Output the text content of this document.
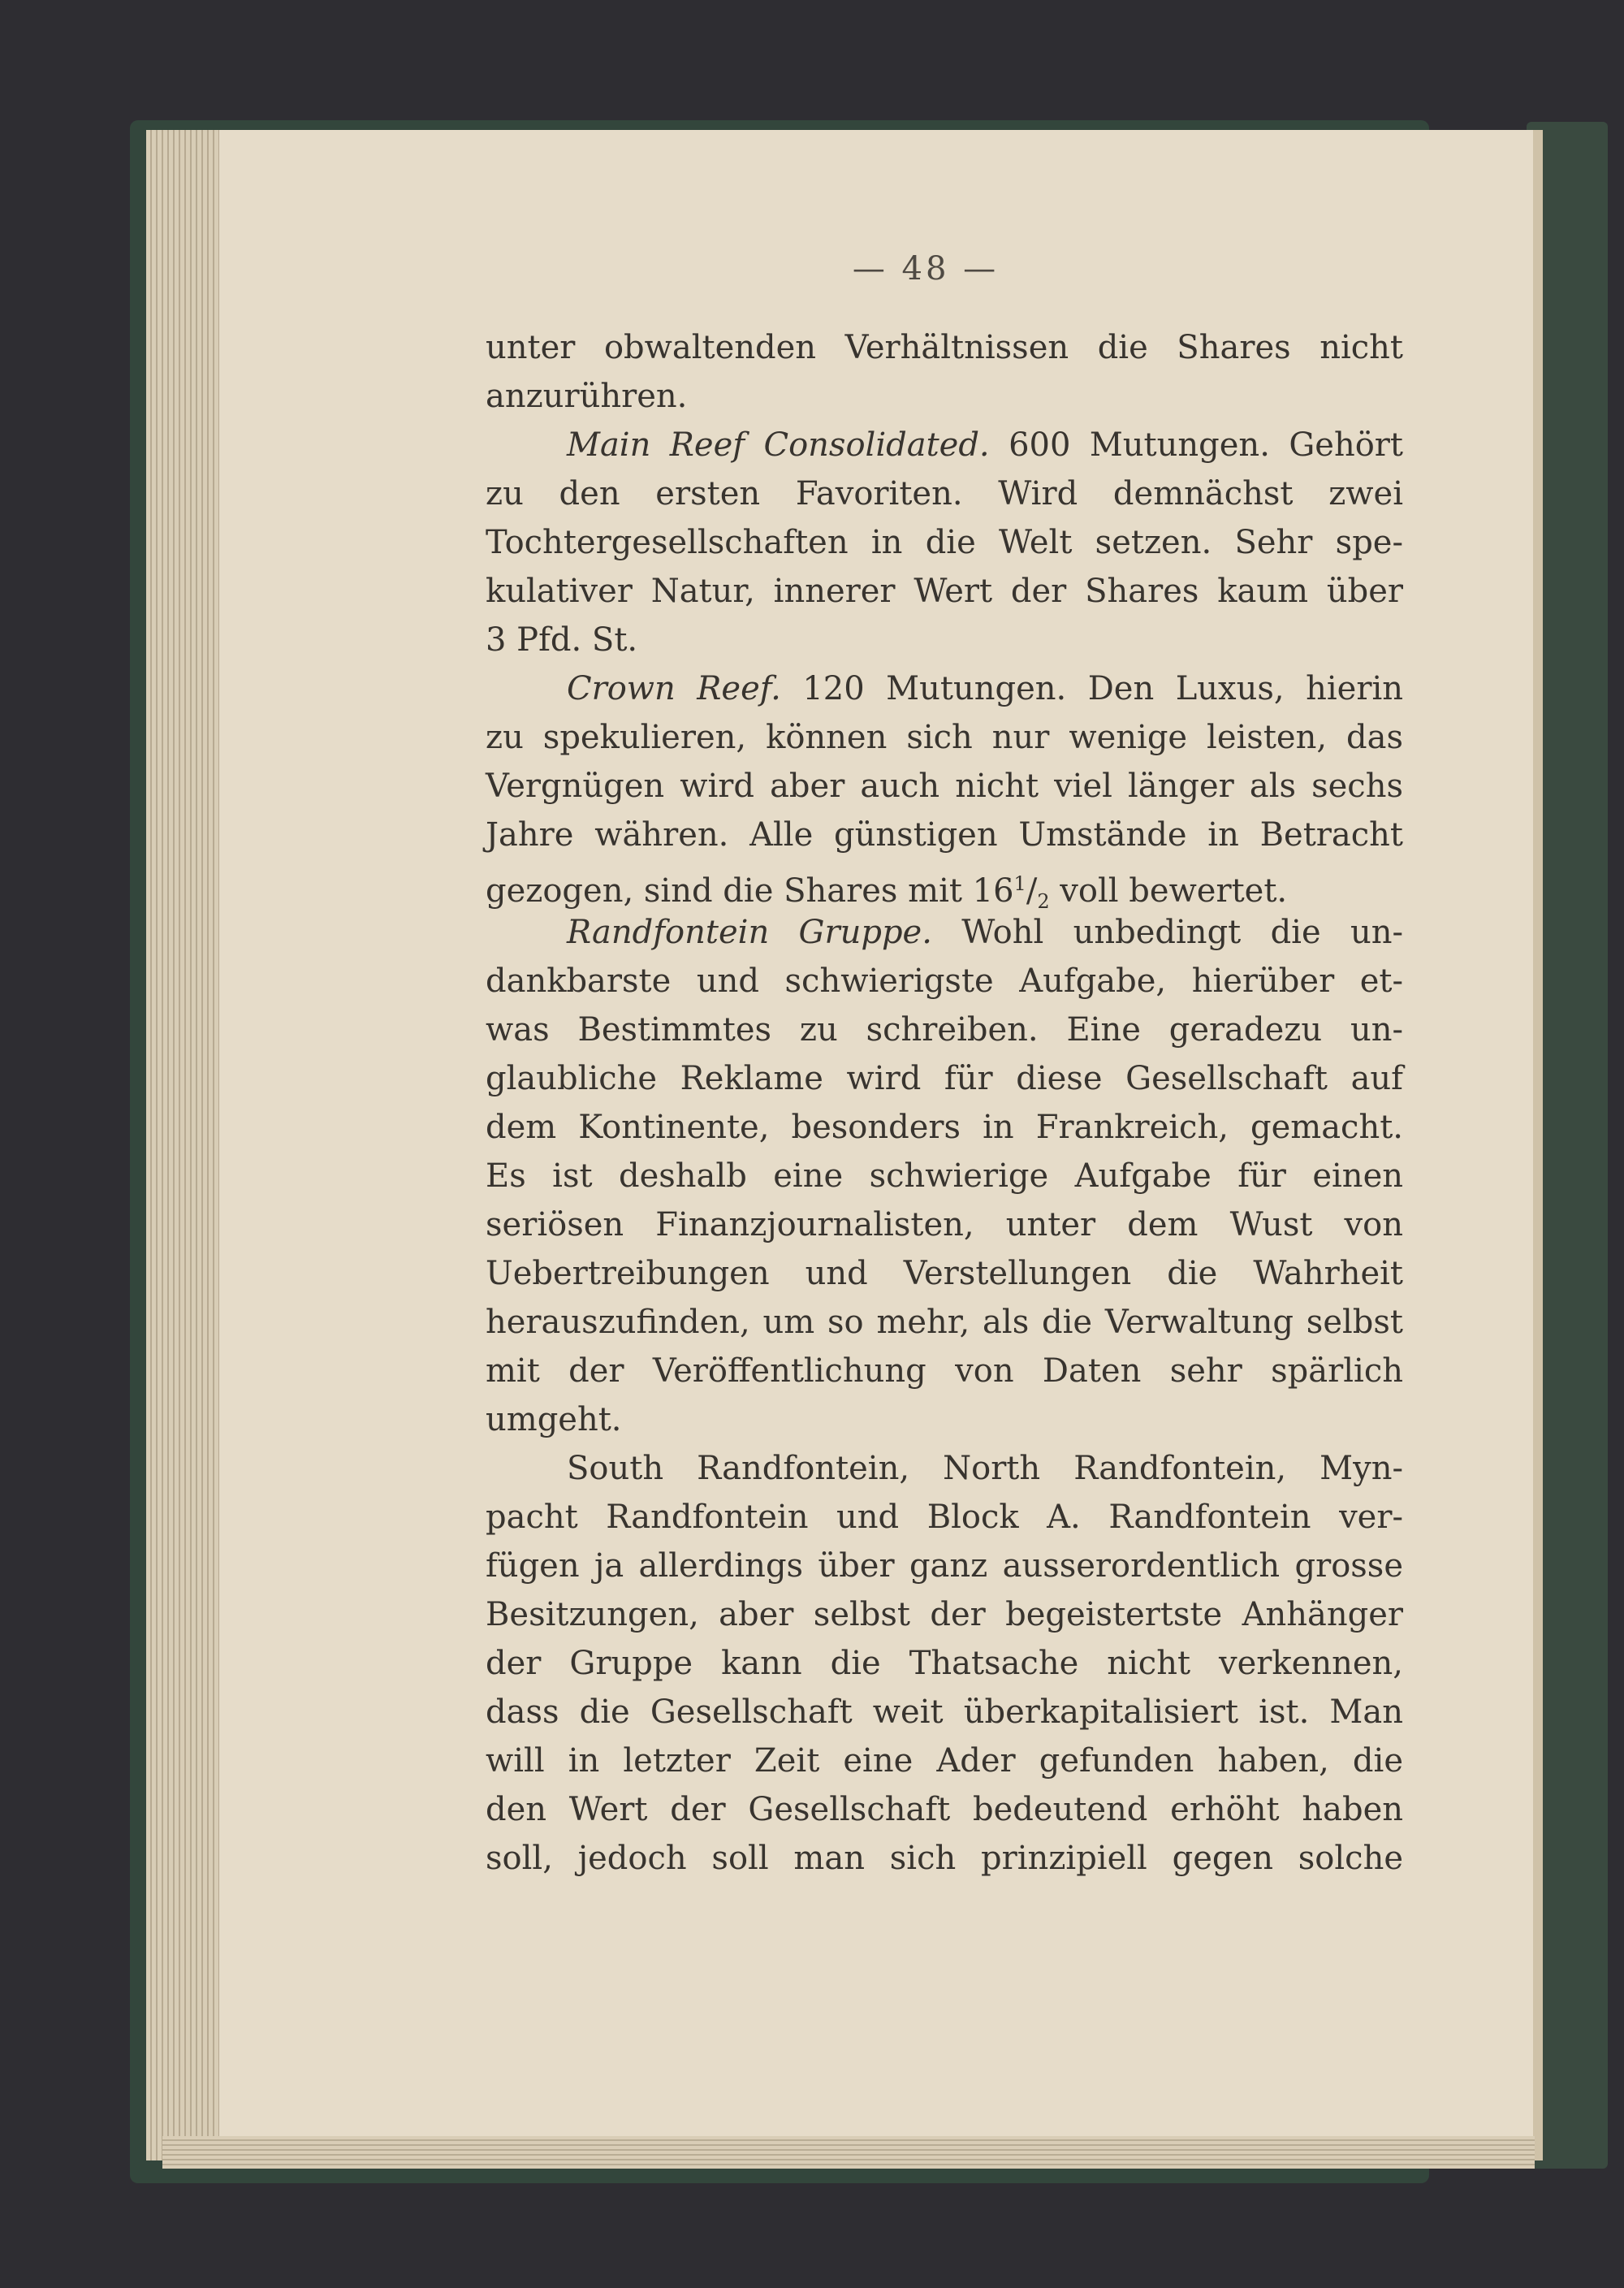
— 48 —
unter obwaltenden Verhältnissen die Shares nicht
anzurühren.
Main Reef Consolidated. 600 Mutungen. Gehört
zu den ersten Favoriten. Wird demnächst zwei
Tochtergesellschaften in die Welt setzen. Sehr spe-
kulativer Natur, innerer Wert der Shares kaum über
3 Pfd. St.
Crown Reef. 120 Mutungen. Den Luxus, hierin
zu spekulieren, können sich nur wenige leisten, das
Vergnügen wird aber auch nicht viel länger als sechs
Jahre währen. Alle günstigen Umstände in Betracht
gezogen, sind die Shares mit $16^1/_2$ voll bewertet.
Randfontein Gruppe. Wohl unbedingt die un-
dankbarste und schwierigste Aufgabe, hierüber et-
was Bestimmtes zu schreiben. Eine geradezu un-
glaubliche Reklame wird für diese Gesellschaft auf
dem Kontinente, besonders in Frankreich, gemacht.
Es ist deshalb eine schwierige Aufgabe für einen
seriösen Finanzjournalisten, unter dem Wust von
Uebertreibungen und Verstellungen die Wahrheit
herauszufinden, um so mehr, als die Verwaltung selbst
mit der Veröffentlichung von Daten sehr spärlich
umgeht.
South Randfontein, North Randfontein, Myn-
pacht Randfontein und Block A. Randfontein ver-
fügen ja allerdings über ganz ausserordentlich grosse
Besitzungen, aber selbst der begeistertste Anhänger
der Gruppe kann die Thatsache nicht verkennen,
dass die Gesellschaft weit überkapitalisiert ist. Man
will in letzter Zeit eine Ader gefunden haben, die
den Wert der Gesellschaft bedeutend erhöht haben
soll, jedoch soll man sich prinzipiell gegen solche
